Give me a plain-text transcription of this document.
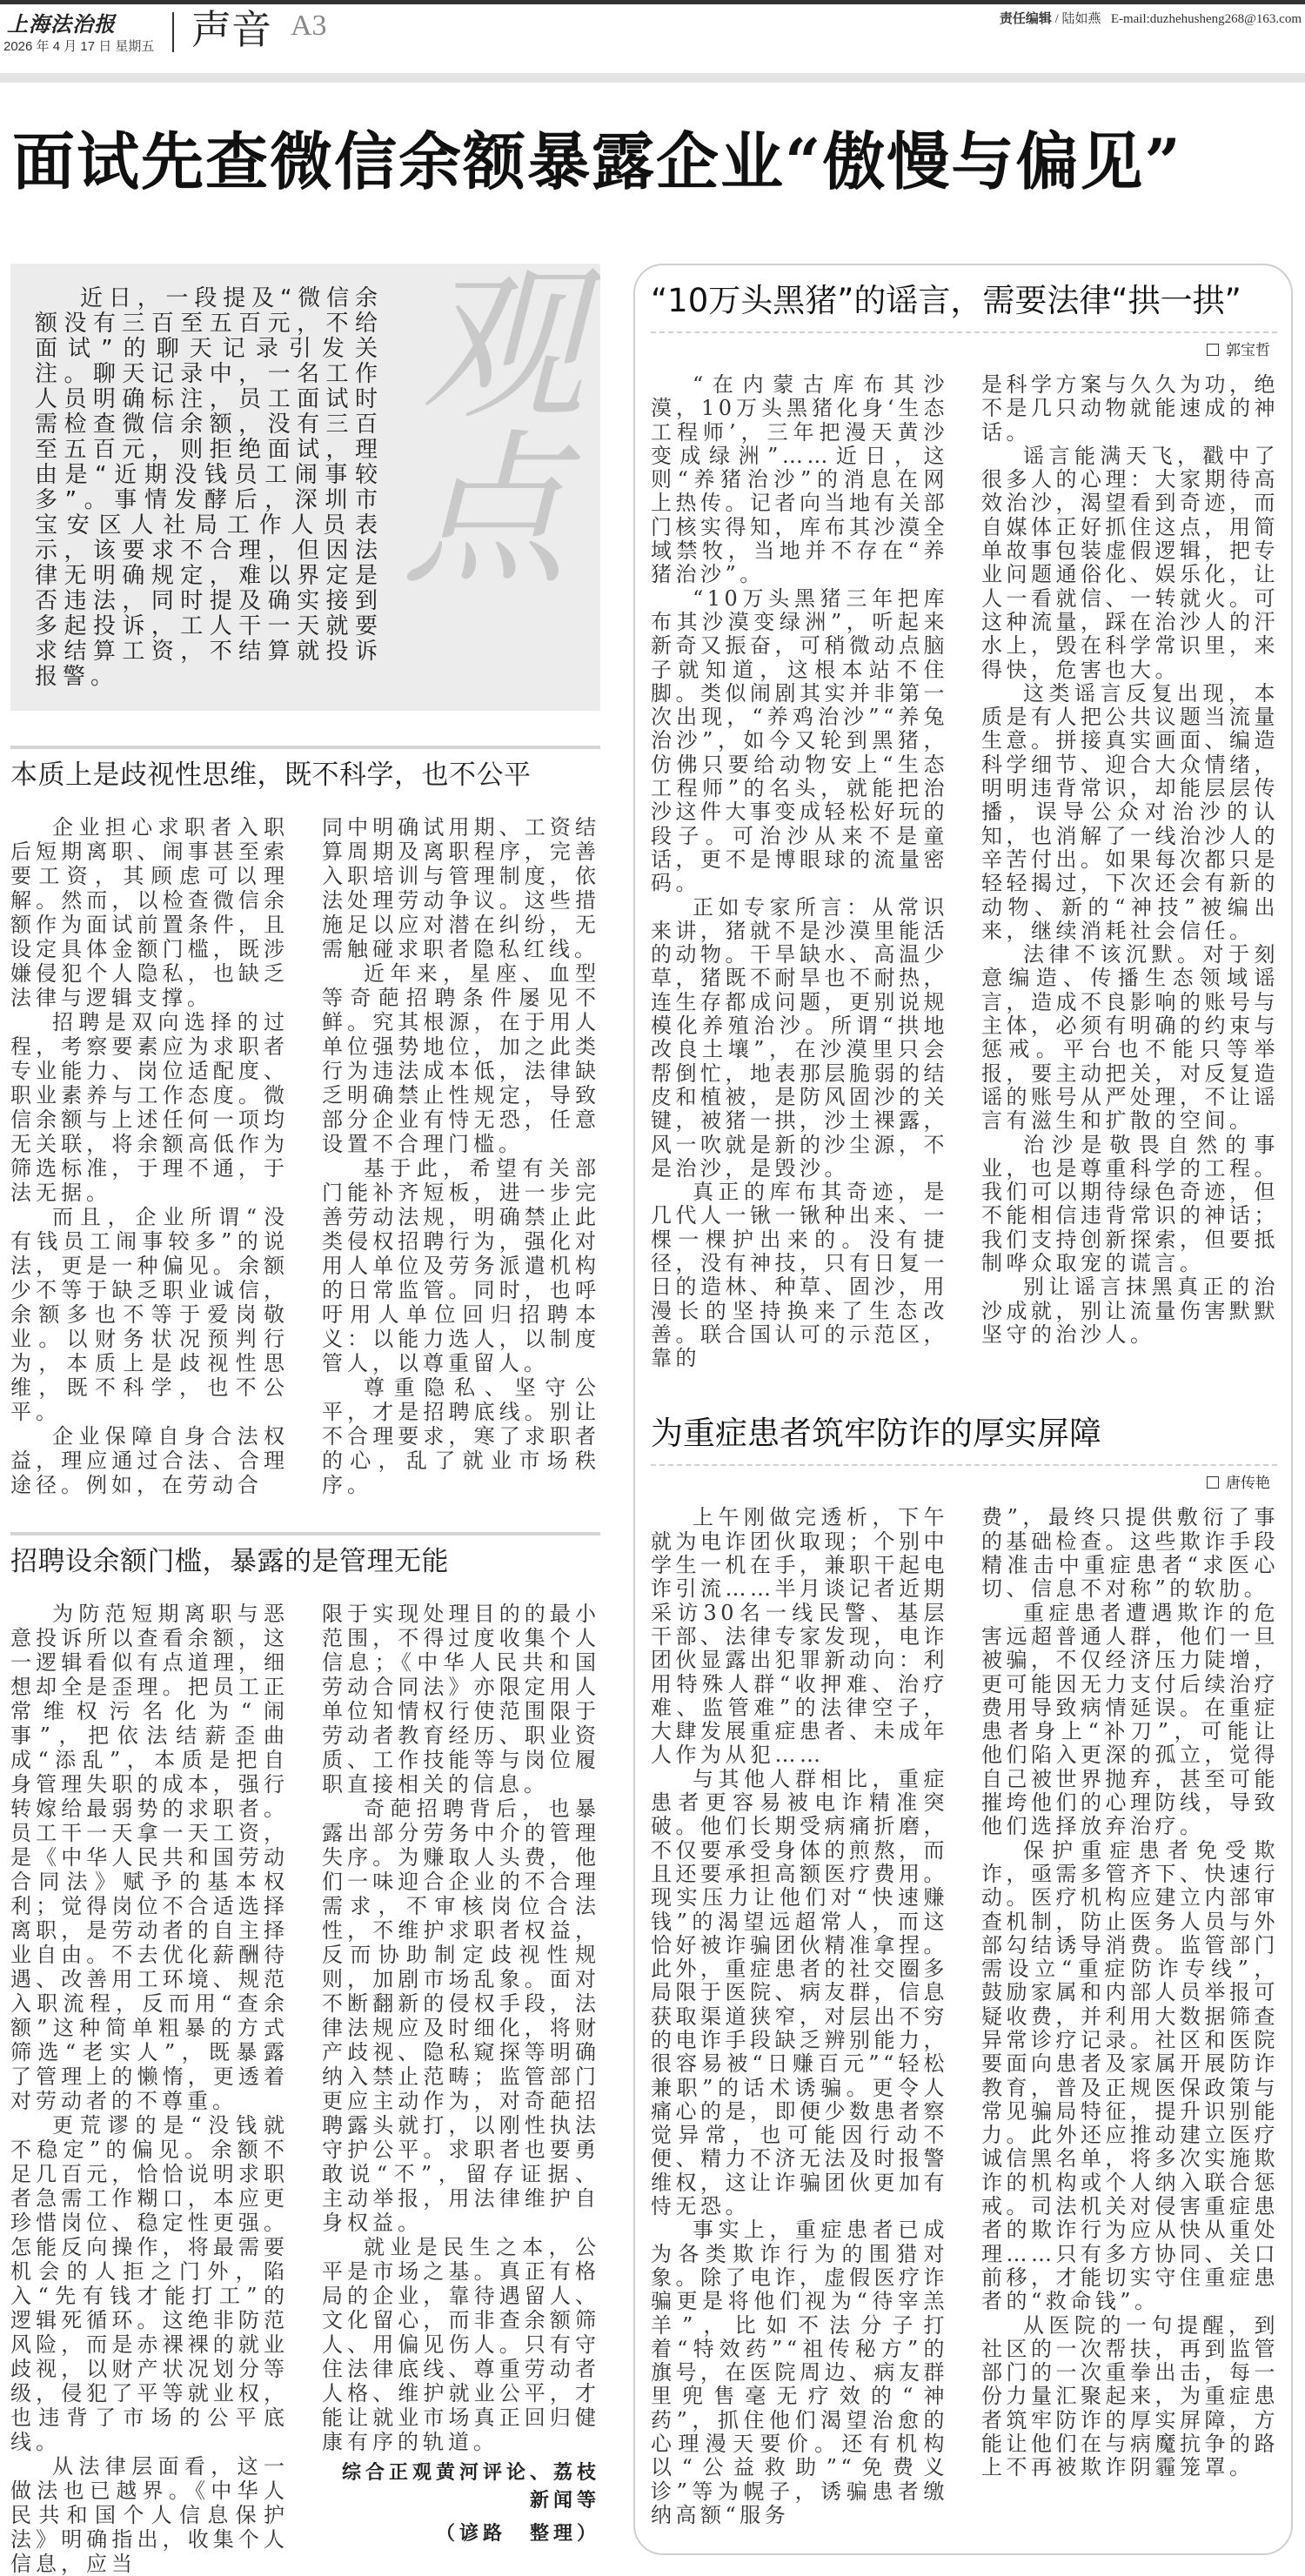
上海法治报
2026 年 4 月 17 日 星期五 声音 A3	责任编辑 / 陆如燕 E-mail:duzhehusheng268@163.com
面试先查微信余额暴露企业“傲慢与偏见”
观
点
近日，一段提及“微信余额没有三百至五百元，不给面试”的聊天记录引发关注。聊天记录中，一名工作人员明确标注，员工面试时需检查微信余额，没有三百至五百元，则拒绝面试，理由是“近期没钱员工闹事较多”。事情发酵后，深圳市宝安区人社局工作人员表示，该要求不合理，但因法律无明确规定，难以界定是否违法，同时提及确实接到多起投诉，工人干一天就要求结算工资，不结算就投诉报警。
本质上是歧视性思维，既不科学，也不公平

企业担心求职者入职后短期离职、闹事甚至索要工资，其顾虑可以理解。然而，以检查微信余额作为面试前置条件，且设定具体金额门槛，既涉嫌侵犯个人隐私，也缺乏法律与逻辑支撑。

招聘是双向选择的过程，考察要素应为求职者专业能力、岗位适配度、职业素养与工作态度。微信余额与上述任何一项均无关联，将余额高低作为筛选标准，于理不通，于法无据。

而且，企业所谓“没有钱员工闹事较多”的说法，更是一种偏见。余额少不等于缺乏职业诚信，余额多也不等于爱岗敬业。以财务状况预判行为，本质上是歧视性思维，既不科学，也不公平。

企业保障自身合法权益，理应通过合法、合理途径。例如，在劳动合

同中明确试用期、工资结算周期及离职程序，完善入职培训与管理制度，依法处理劳动争议。这些措施足以应对潜在纠纷，无需触碰求职者隐私红线。

近年来，星座、血型等奇葩招聘条件屡见不鲜。究其根源，在于用人单位强势地位，加之此类行为违法成本低，法律缺乏明确禁止性规定，导致部分企业有恃无恐，任意设置不合理门槛。

基于此，希望有关部门能补齐短板，进一步完善劳动法规，明确禁止此类侵权招聘行为，强化对用人单位及劳务派遣机构的日常监管。同时，也呼吁用人单位回归招聘本义：以能力选人，以制度管人，以尊重留人。

尊重隐私、坚守公平，才是招聘底线。别让不合理要求，寒了求职者的心，乱了就业市场秩序。

招聘设余额门槛，暴露的是管理无能

为防范短期离职与恶意投诉所以查看余额，这一逻辑看似有点道理，细想却全是歪理。把员工正常维权污名化为“闹事”，把依法结薪歪曲成“添乱”，本质是把自身管理失职的成本，强行转嫁给最弱势的求职者。员工干一天拿一天工资，是《中华人民共和国劳动合同法》赋予的基本权利；觉得岗位不合适选择离职，是劳动者的自主择业自由。不去优化薪酬待遇、改善用工环境、规范入职流程，反而用“查余额”这种简单粗暴的方式筛选“老实人”，既暴露了管理上的懒惰，更透着对劳动者的不尊重。

更荒谬的是“没钱就不稳定”的偏见。余额不足几百元，恰恰说明求职者急需工作糊口，本应更珍惜岗位、稳定性更强。怎能反向操作，将最需要机会的人拒之门外，陷入“先有钱才能打工”的逻辑死循环。这绝非防范风险，而是赤裸裸的就业歧视，以财产状况划分等级，侵犯了平等就业权，也违背了市场的公平底线。

从法律层面看，这一做法也已越界。《中华人民共和国个人信息保护法》明确指出，收集个人信息，应当

限于实现处理目的的最小范围，不得过度收集个人信息；《中华人民共和国劳动合同法》亦限定用人单位知情权行使范围限于劳动者教育经历、职业资质、工作技能等与岗位履职直接相关的信息。

奇葩招聘背后，也暴露出部分劳务中介的管理失序。为赚取人头费，他们一味迎合企业的不合理需求，不审核岗位合法性，不维护求职者权益，反而协助制定歧视性规则，加剧市场乱象。面对不断翻新的侵权手段，法律法规应及时细化，将财产歧视、隐私窥探等明确纳入禁止范畴；监管部门更应主动作为，对奇葩招聘露头就打，以刚性执法守护公平。求职者也要勇敢说“不”，留存证据、主动举报，用法律维护自身权益。

就业是民生之本，公平是市场之基。真正有格局的企业，靠待遇留人、文化留心，而非查余额筛人、用偏见伤人。只有守住法律底线、尊重劳动者人格、维护就业公平，才能让就业市场真正回归健康有序的轨道。

综合正观黄河评论、荔枝新闻等
（谚路　整理）
“10万头黑猪”的谣言，需要法律“拱一拱”
郭宝哲

“在内蒙古库布其沙漠，10万头黑猪化身‘生态工程师’，三年把漫天黄沙变成绿洲”……近日，这则“养猪治沙”的消息在网上热传。记者向当地有关部门核实得知，库布其沙漠全域禁牧，当地并不存在“养猪治沙”。

“10万头黑猪三年把库布其沙漠变绿洲”，听起来新奇又振奋，可稍微动点脑子就知道，这根本站不住脚。类似闹剧其实并非第一次出现，“养鸡治沙”“养兔治沙”，如今又轮到黑猪，仿佛只要给动物安上“生态工程师”的名头，就能把治沙这件大事变成轻松好玩的段子。可治沙从来不是童话，更不是博眼球的流量密码。

正如专家所言：从常识来讲，猪就不是沙漠里能活的动物。干旱缺水、高温少草，猪既不耐旱也不耐热，连生存都成问题，更别说规模化养殖治沙。所谓“拱地改良土壤”，在沙漠里只会帮倒忙，地表那层脆弱的结皮和植被，是防风固沙的关键，被猪一拱，沙土裸露，风一吹就是新的沙尘源，不是治沙，是毁沙。

真正的库布其奇迹，是几代人一锹一锹种出来、一棵一棵护出来的。没有捷径，没有神技，只有日复一日的造林、种草、固沙，用漫长的坚持换来了生态改善。联合国认可的示范区，靠的

是科学方案与久久为功，绝不是几只动物就能速成的神话。

谣言能满天飞，戳中了很多人的心理：大家期待高效治沙，渴望看到奇迹，而自媒体正好抓住这点，用简单故事包装虚假逻辑，把专业问题通俗化、娱乐化，让人一看就信、一转就火。可这种流量，踩在治沙人的汗水上，毁在科学常识里，来得快，危害也大。

这类谣言反复出现，本质是有人把公共议题当流量生意。拼接真实画面、编造科学细节、迎合大众情绪，明明违背常识，却能层层传播，误导公众对治沙的认知，也消解了一线治沙人的辛苦付出。如果每次都只是轻轻揭过，下次还会有新的动物、新的“神技”被编出来，继续消耗社会信任。

法律不该沉默。对于刻意编造、传播生态领域谣言，造成不良影响的账号与主体，必须有明确的约束与惩戒。平台也不能只等举报，要主动把关，对反复造谣的账号从严处理，不让谣言有滋生和扩散的空间。

治沙是敬畏自然的事业，也是尊重科学的工程。我们可以期待绿色奇迹，但不能相信违背常识的神话；我们支持创新探索，但要抵制哗众取宠的谎言。

别让谣言抹黑真正的治沙成就，别让流量伤害默默坚守的治沙人。

为重症患者筑牢防诈的厚实屏障
唐传艳

上午刚做完透析，下午就为电诈团伙取现；个别中学生一机在手，兼职干起电诈引流……半月谈记者近期采访30名一线民警、基层干部、法律专家发现，电诈团伙显露出犯罪新动向：利用特殊人群“收押难、治疗难、监管难”的法律空子，大肆发展重症患者、未成年人作为从犯……

与其他人群相比，重症患者更容易被电诈精准突破。他们长期受病痛折磨，不仅要承受身体的煎熬，而且还要承担高额医疗费用。现实压力让他们对“快速赚钱”的渴望远超常人，而这恰好被诈骗团伙精准拿捏。此外，重症患者的社交圈多局限于医院、病友群，信息获取渠道狭窄，对层出不穷的电诈手段缺乏辨别能力，很容易被“日赚百元”“轻松兼职”的话术诱骗。更令人痛心的是，即便少数患者察觉异常，也可能因行动不便、精力不济无法及时报警维权，这让诈骗团伙更加有恃无恐。

事实上，重症患者已成为各类欺诈行为的围猎对象。除了电诈，虚假医疗诈骗更是将他们视为“待宰羔羊”，比如不法分子打着“特效药”“祖传秘方”的旗号，在医院周边、病友群里兜售毫无疗效的“神药”，抓住他们渴望治愈的心理漫天要价。还有机构以“公益救助”“免费义诊”等为幌子，诱骗患者缴纳高额“服务

费”，最终只提供敷衍了事的基础检查。这些欺诈手段精准击中重症患者“求医心切、信息不对称”的软肋。

重症患者遭遇欺诈的危害远超普通人群，他们一旦被骗，不仅经济压力陡增，更可能因无力支付后续治疗费用导致病情延误。在重症患者身上“补刀”，可能让他们陷入更深的孤立，觉得自己被世界抛弃，甚至可能摧垮他们的心理防线，导致他们选择放弃治疗。

保护重症患者免受欺诈，亟需多管齐下、快速行动。医疗机构应建立内部审查机制，防止医务人员与外部勾结诱导消费。监管部门需设立“重症防诈专线”，鼓励家属和内部人员举报可疑收费，并利用大数据筛查异常诊疗记录。社区和医院要面向患者及家属开展防诈教育，普及正规医保政策与常见骗局特征，提升识别能力。此外还应推动建立医疗诚信黑名单，将多次实施欺诈的机构或个人纳入联合惩戒。司法机关对侵害重症患者的欺诈行为应从快从重处理……只有多方协同、关口前移，才能切实守住重症患者的“救命钱”。

从医院的一句提醒，到社区的一次帮扶，再到监管部门的一次重拳出击，每一份力量汇聚起来，为重症患者筑牢防诈的厚实屏障，方能让他们在与病魔抗争的路上不再被欺诈阴霾笼罩。
